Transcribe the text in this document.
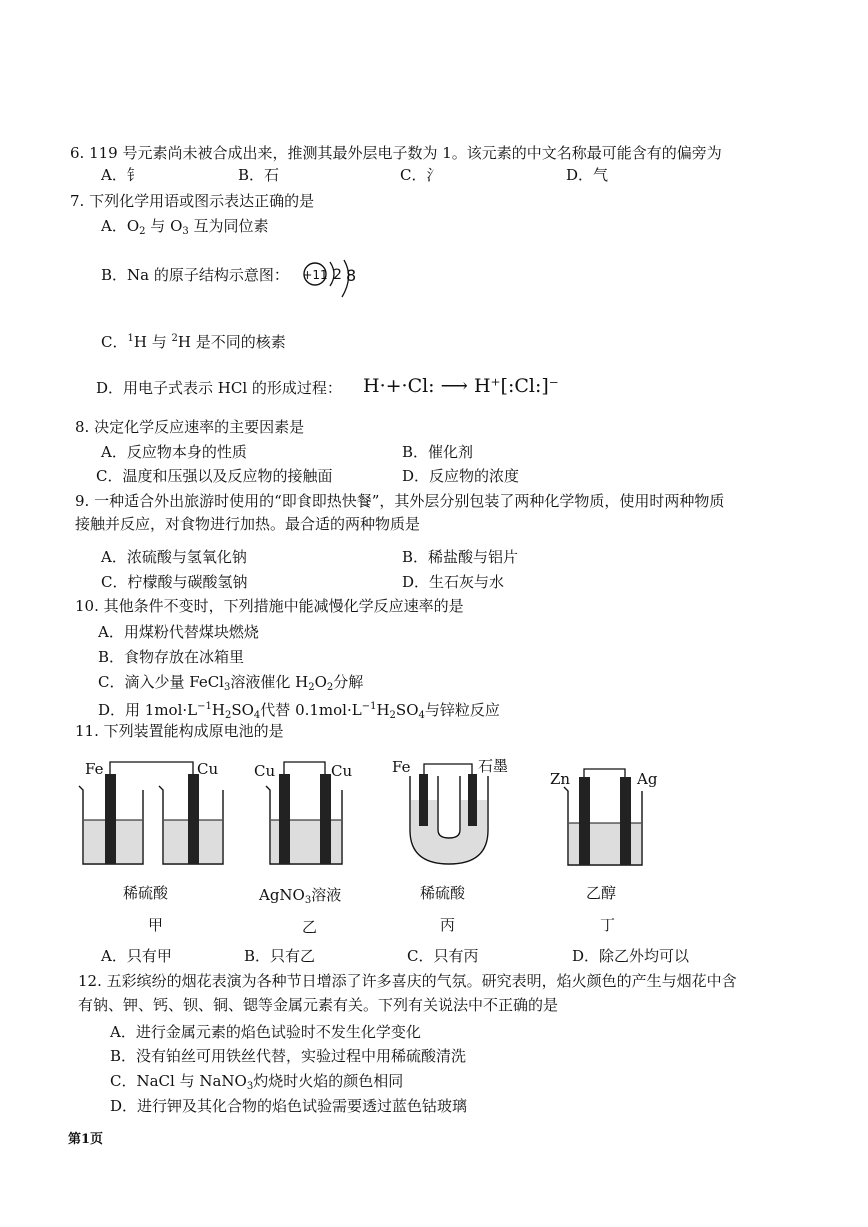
6. 119 号元素尚未被合成出来，推测其最外层电子数为 1。该元素的中文名称最可能含有的偏旁为
A．钅	B．石	C．氵	D．气
7. 下列化学用语或图示表达正确的是
A．$O_2$ 与 $O_3$ 互为同位素
B．Na 的原子结构示意图： +11 2 8
C．$^1$H 与 $^2$H 是不同的核素
D．用电子式表示 HCl 的形成过程： H·+·Cl: ⟶ H⁺[:Cl:]⁻
8. 决定化学反应速率的主要因素是
A．反应物本身的性质	B．催化剂
C．温度和压强以及反应物的接触面	D．反应物的浓度
9. 一种适合外出旅游时使用的“即食即热快餐”，其外层分别包装了两种化学物质，使用时两种物质
接触并反应，对食物进行加热。最合适的两种物质是
A．浓硫酸与氢氧化钠	B．稀盐酸与铝片
C．柠檬酸与碳酸氢钠	D．生石灰与水
10. 其他条件不变时，下列措施中能减慢化学反应速率的是
A．用煤粉代替煤块燃烧
B．食物存放在冰箱里
C．滴入少量 FeCl$_3$溶液催化 $H_2O_2$分解
D．用 $1mol\cdot L^{-1}H_2SO_4$代替 $0.1mol\cdot L^{-1}H_2SO_4$与锌粒反应
11. 下列装置能构成原电池的是
Fe	Cu
稀硫酸
甲
Cu	Cu
AgNO$_3$溶液
乙
Fe	石墨
稀硫酸
丙
Zn	Ag
乙醇
丁
A．只有甲	B．只有乙	C．只有丙	D．除乙外均可以
12. 五彩缤纷的烟花表演为各种节日增添了许多喜庆的气氛。研究表明，焰火颜色的产生与烟花中含
有钠、钾、钙、钡、铜、锶等金属元素有关。下列有关说法中不正确的是
A．进行金属元素的焰色试验时不发生化学变化
B．没有铂丝可用铁丝代替，实验过程中用稀硫酸清洗
C．NaCl 与 NaNO$_3$灼烧时火焰的颜色相同
D．进行钾及其化合物的焰色试验需要透过蓝色钴玻璃
第1页
